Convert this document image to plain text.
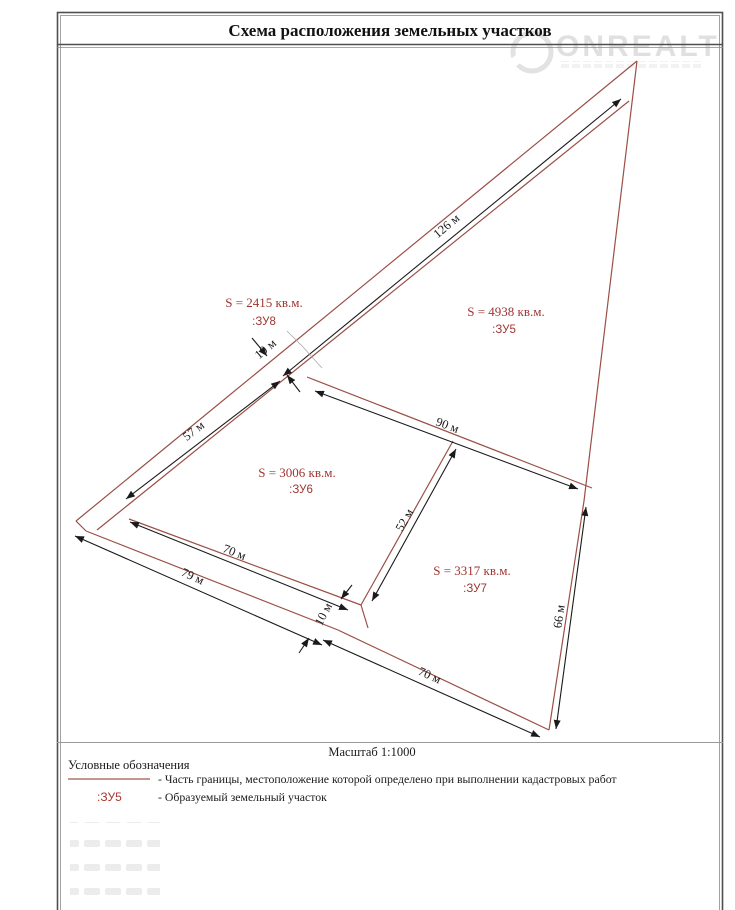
ONREALT
Схема расположения земельных участков
126 м
57 м	90 м
52 м
70 м
79 м
70 м
66 м
10 м
10 м
S = 2415 кв.м.
:ЗУ8
S = 4938 кв.м.
:ЗУ5
S = 3006 кв.м.
:ЗУ6
S = 3317 кв.м.
:ЗУ7
Масштаб 1:1000
Условные обозначения
- Часть границы, местоположение которой определено при выполнении кадастровых работ
:ЗУ5	- Образуемый земельный участок
